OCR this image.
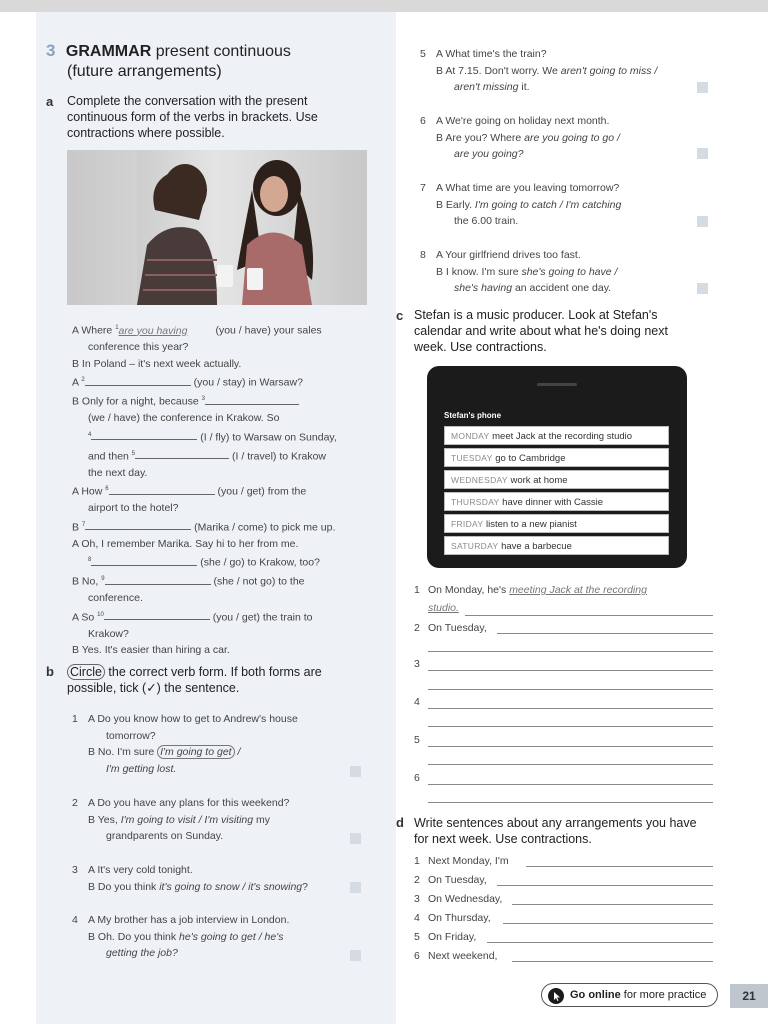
3 GRAMMAR present continuous
(future arrangements)
a Complete the conversation with the present
continuous form of the verbs in brackets. Use
contractions where possible.
A Where $^1$are you having (you / have) your sales
conference this year?
B In Poland – it's next week actually.
A $^2$	(you / stay) in Warsaw?
B Only for a night, because $^3$
(we / have) the conference in Krakow. So
$^4$	(I / fly) to Warsaw on Sunday,
and then $^5$	(I / travel) to Krakow
the next day.
A How $^6$	(you / get) from the
airport to the hotel?
B $^7$	(Marika / come) to pick me up.
A Oh, I remember Marika. Say hi to her from me.
$^8$	(she / go) to Krakow, too?
B No, $^9$	(she / not go) to the
conference.
A So $^{10}$	(you / get) the train to
Krakow?
B Yes. It's easier than hiring a car.
b Circle the correct verb form. If both forms are
possible, tick (✓) the sentence.
1 A Do you know how to get to Andrew's house
tomorrow?
B No. I'm sure I'm going to get /
I'm getting lost.
2 A Do you have any plans for this weekend?
B Yes, I'm going to visit / I'm visiting my
grandparents on Sunday.
3 A It's very cold tonight.
B Do you think it's going to snow / it's snowing?
4 A My brother has a job interview in London.
B Oh. Do you think he's going to get / he's
getting the job?
5 A What time's the train?
B At 7.15. Don't worry. We aren't going to miss /
aren't missing it.
6 A We're going on holiday next month.
B Are you? Where are you going to go /
are you going?
7 A What time are you leaving tomorrow?
B Early. I'm going to catch / I'm catching
the 6.00 train.
8 A Your girlfriend drives too fast.
B I know. I'm sure she's going to have /
she's having an accident one day.
c Stefan is a music producer. Look at Stefan's
calendar and write about what he's doing next
week. Use contractions.
Stefan's phone
MONDAY meet Jack at the recording studio
TUESDAY go to Cambridge
WEDNESDAY work at home
THURSDAY have dinner with Cassie
FRIDAY listen to a new pianist
SATURDAY have a barbecue
1 On Monday, he's meeting Jack at the recording
studio.
2 On Tuesday,
3
4
5
6
d Write sentences about any arrangements you have
for next week. Use contractions.
1 Next Monday, I'm
2 On Tuesday,
3 On Wednesday,
4 On Thursday,
5 On Friday,
6 Next weekend,
Go online for more practice	21
